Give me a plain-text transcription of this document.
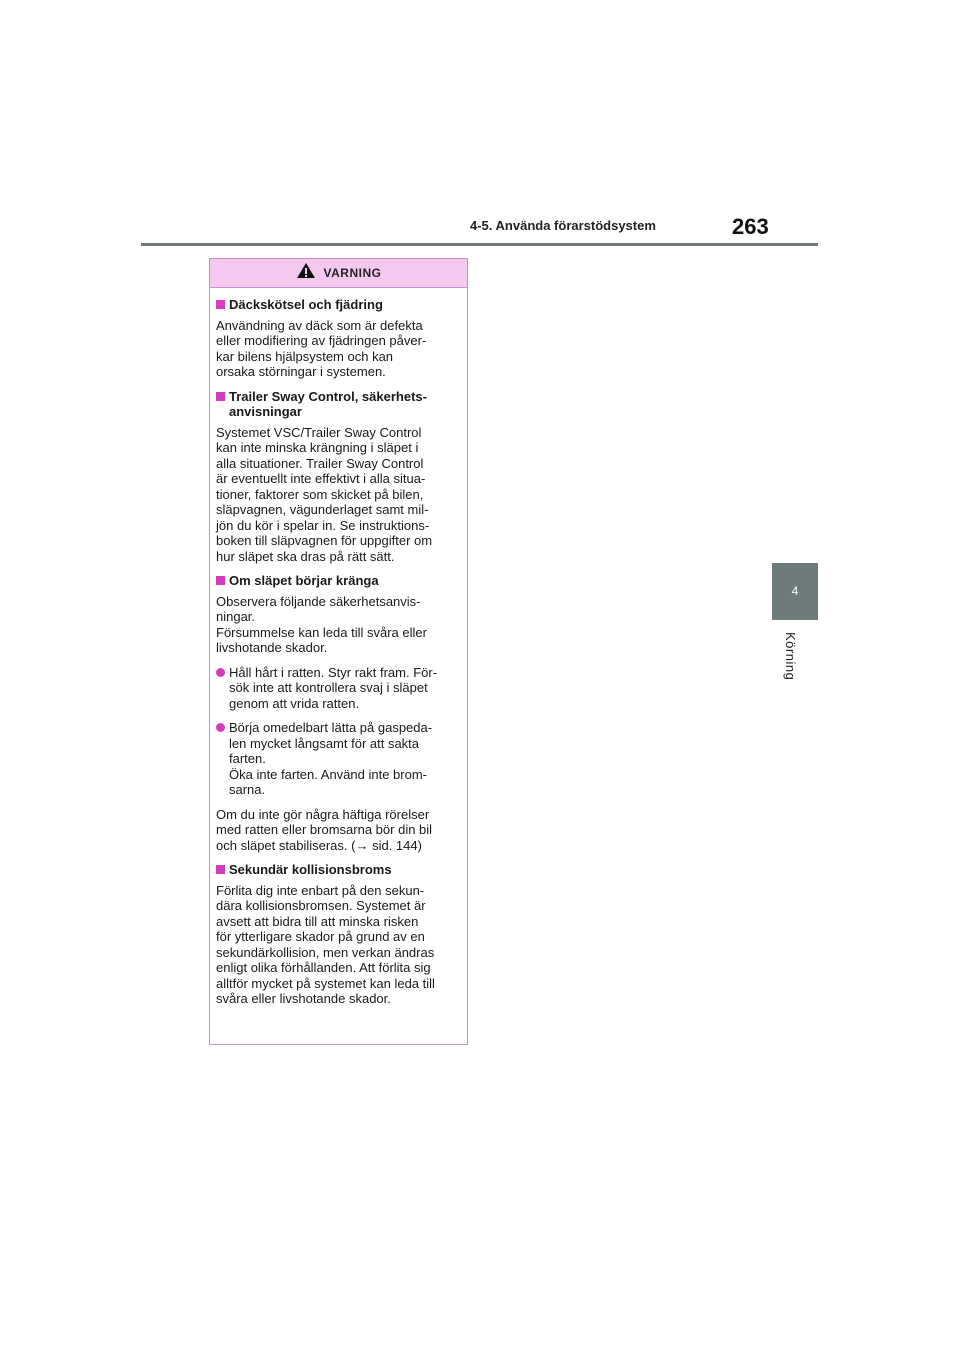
4-5. Använda förarstödsystem	263
4
Körning
VARNING
Däckskötsel och fjädring
Användning av däck som är defekta
eller modifiering av fjädringen påver-
kar bilens hjälpsystem och kan
orsaka störningar i systemen.
Trailer Sway Control, säkerhets-
anvisningar
Systemet VSC/Trailer Sway Control
kan inte minska krängning i släpet i
alla situationer. Trailer Sway Control
är eventuellt inte effektivt i alla situa-
tioner, faktorer som skicket på bilen,
släpvagnen, vägunderlaget samt mil-
jön du kör i spelar in. Se instruktions-
boken till släpvagnen för uppgifter om
hur släpet ska dras på rätt sätt.
Om släpet börjar kränga
Observera följande säkerhetsanvis-
ningar.
Försummelse kan leda till svåra eller
livshotande skador.
Håll hårt i ratten. Styr rakt fram. För-
sök inte att kontrollera svaj i släpet
genom att vrida ratten.
Börja omedelbart lätta på gaspeda-
len mycket långsamt för att sakta
farten.
Öka inte farten. Använd inte brom-
sarna.
Om du inte gör några häftiga rörelser
med ratten eller bromsarna bör din bil
och släpet stabiliseras. (→ sid. 144)
Sekundär kollisionsbroms
Förlita dig inte enbart på den sekun-
dära kollisionsbromsen. Systemet är
avsett att bidra till att minska risken
för ytterligare skador på grund av en
sekundärkollision, men verkan ändras
enligt olika förhållanden. Att förlita sig
alltför mycket på systemet kan leda till
svåra eller livshotande skador.
